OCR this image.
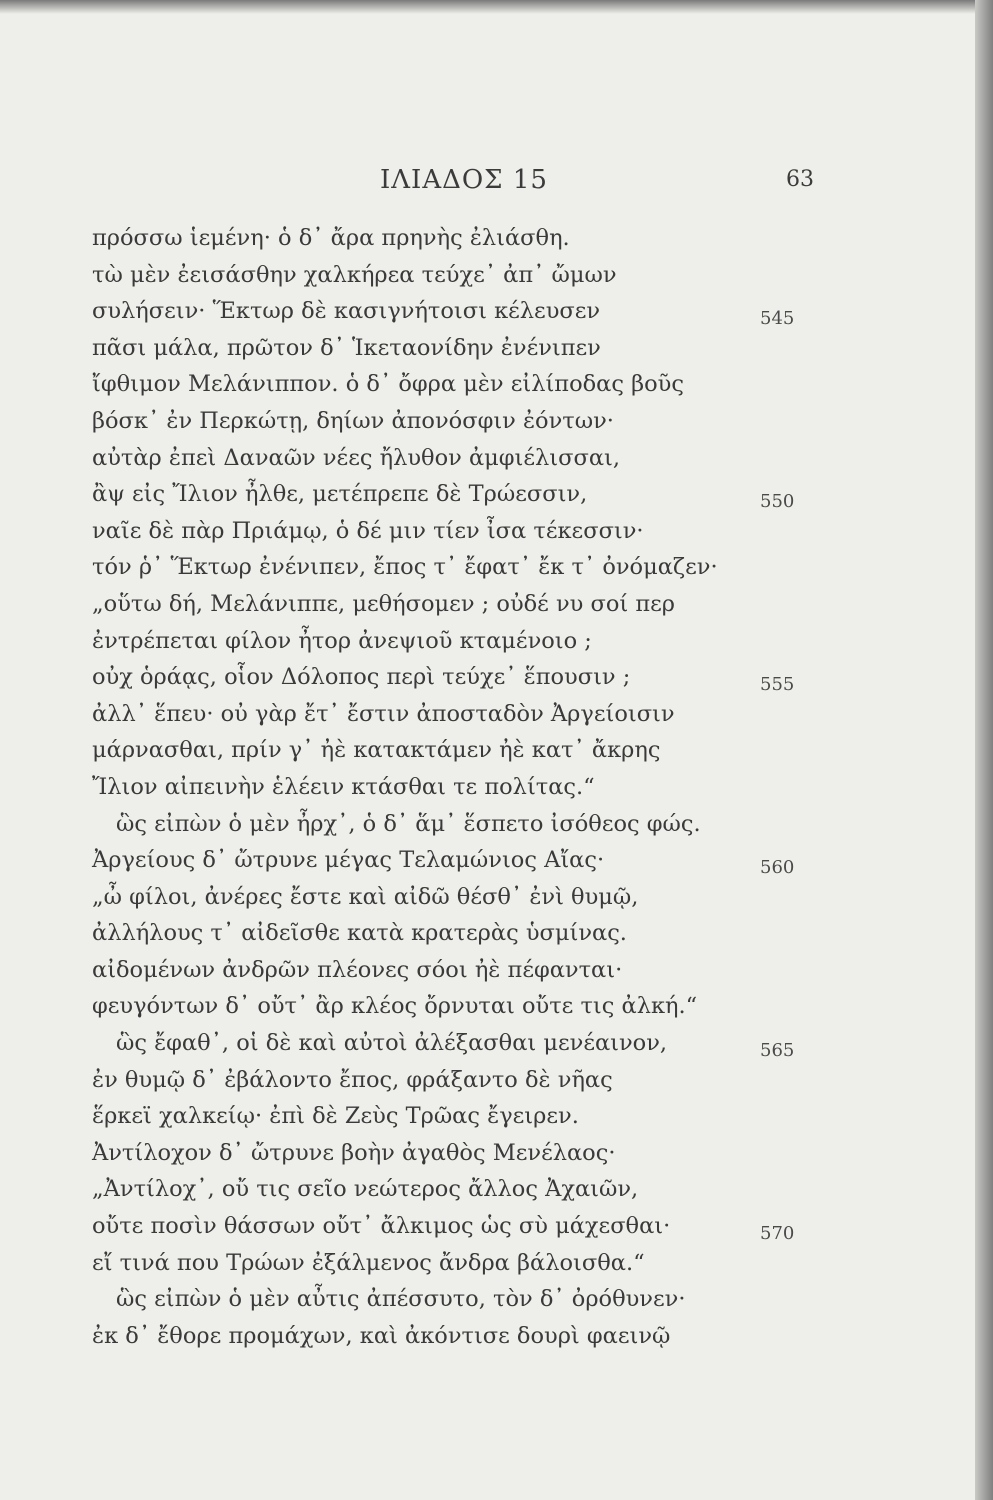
ΙΛΙΑΔΟΣ 15	63
πρόσσω ἱεμένη· ὁ δ᾽ ἄρα πρηνὴς ἐλιάσθη.
τὼ μὲν ἐεισάσθην χαλκήρεα τεύχε᾽ ἀπ᾽ ὤμων
συλήσειν· Ἕκτωρ δὲ κασιγνήτοισι κέλευσεν
πᾶσι μάλα, πρῶτον δ᾽ Ἱκεταονίδην ἐνένιπεν
ἴφθιμον Μελάνιππον. ὁ δ᾽ ὄφρα μὲν εἰλίποδας βοῦς
βόσκ᾽ ἐν Περκώτῃ, δηίων ἀπονόσφιν ἐόντων·
αὐτὰρ ἐπεὶ Δαναῶν νέες ἤλυθον ἀμφιέλισσαι,
ἂψ εἰς Ἴλιον ἦλθε, μετέπρεπε δὲ Τρώεσσιν,
ναῖε δὲ πὰρ Πριάμῳ, ὁ δέ μιν τίεν ἶσα τέκεσσιν·
τόν ῥ᾽ Ἕκτωρ ἐνένιπεν, ἔπος τ᾽ ἔφατ᾽ ἔκ τ᾽ ὀνόμαζεν·
„οὕτω δή, Μελάνιππε, μεθήσομεν ; οὐδέ νυ σοί περ
ἐντρέπεται φίλον ἦτορ ἀνεψιοῦ κταμένοιο ;
οὐχ ὁράᾳς, οἷον Δόλοπος περὶ τεύχε᾽ ἕπουσιν ;
ἀλλ᾽ ἕπευ· οὐ γὰρ ἔτ᾽ ἔστιν ἀποσταδὸν Ἀργείοισιν
μάρνασθαι, πρίν γ᾽ ἠὲ κατακτάμεν ἠὲ κατ᾽ ἄκρης
Ἴλιον αἰπεινὴν ἑλέειν κτάσθαι τε πολίτας.“
ὣς εἰπὼν ὁ μὲν ἦρχ᾽, ὁ δ᾽ ἅμ᾽ ἕσπετο ἰσόθεος φώς.
Ἀργείους δ᾽ ὤτρυνε μέγας Τελαμώνιος Αἴας·
„ὦ φίλοι, ἀνέρες ἔστε καὶ αἰδῶ θέσθ᾽ ἐνὶ θυμῷ,
ἀλλήλους τ᾽ αἰδεῖσθε κατὰ κρατερὰς ὑσμίνας.
αἰδομένων ἀνδρῶν πλέονες σόοι ἠὲ πέφανται·
φευγόντων δ᾽ οὔτ᾽ ἂρ κλέος ὄρνυται οὔτε τις ἀλκή.“
ὣς ἔφαθ᾽, οἱ δὲ καὶ αὐτοὶ ἀλέξασθαι μενέαινον,
ἐν θυμῷ δ᾽ ἐβάλοντο ἔπος, φράξαντο δὲ νῆας
ἕρκεϊ χαλκείῳ· ἐπὶ δὲ Ζεὺς Τρῶας ἔγειρεν.
Ἀντίλοχον δ᾽ ὤτρυνε βοὴν ἀγαθὸς Μενέλαος·
„Ἀντίλοχ᾽, οὔ τις σεῖο νεώτερος ἄλλος Ἀχαιῶν,
οὔτε ποσὶν θάσσων οὔτ᾽ ἄλκιμος ὡς σὺ μάχεσθαι·
εἴ τινά που Τρώων ἐξάλμενος ἄνδρα βάλοισθα.“
ὣς εἰπὼν ὁ μὲν αὖτις ἀπέσσυτο, τὸν δ᾽ ὀρόθυνεν·
ἐκ δ᾽ ἔθορε προμάχων, καὶ ἀκόντισε δουρὶ φαεινῷ
545
550
555
560
565
570
